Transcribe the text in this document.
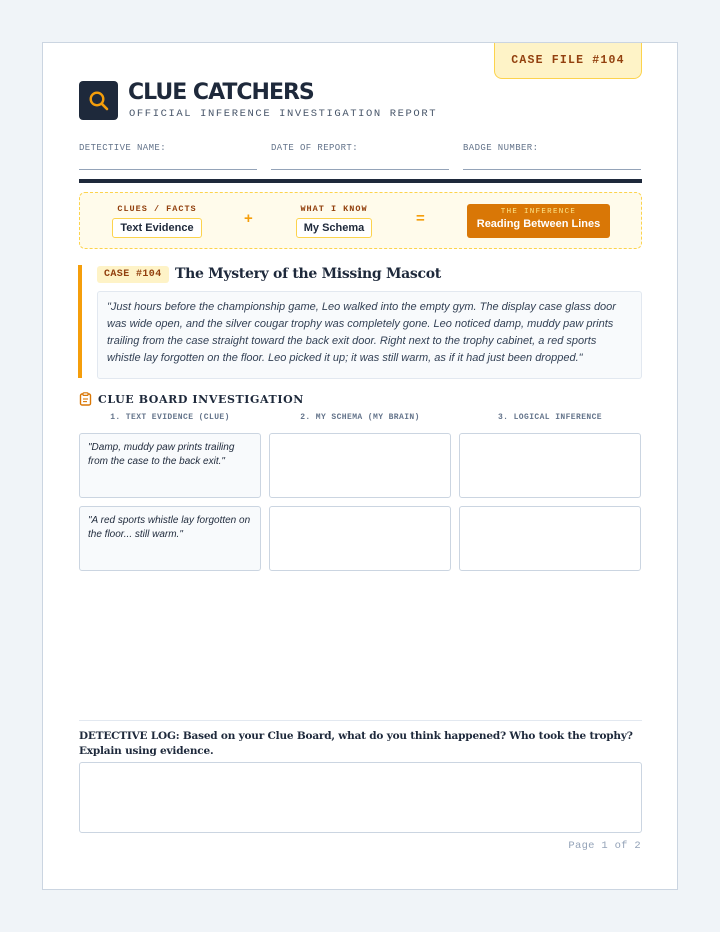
CASE FILE #104
CLUE CATCHERS
OFFICIAL INFERENCE INVESTIGATION REPORT
DETECTIVE NAME:	DATE OF REPORT:	BADGE NUMBER:
CLUES / FACTS
Text Evidence
+
WHAT I KNOW
My Schema
=	THE INFERENCE
Reading Between Lines
CASE #104 The Mystery of the Missing Mascot
"Just hours before the championship game, Leo walked into the empty gym. The display case glass door was wide open, and the silver cougar trophy was completely gone. Leo noticed damp, muddy paw prints trailing from the case straight toward the back exit door. Right next to the trophy cabinet, a red sports whistle lay forgotten on the floor. Leo picked it up; it was still warm, as if it had just been dropped."
CLUE BOARD INVESTIGATION
1. TEXT EVIDENCE (CLUE)	2. MY SCHEMA (MY BRAIN)	3. LOGICAL INFERENCE
"Damp, muddy paw prints trailing from the case to the back exit."
"A red sports whistle lay forgotten on the floor... still warm."
DETECTIVE LOG: Based on your Clue Board, what do you think happened? Who took the trophy? Explain using evidence.
Page 1 of 2
